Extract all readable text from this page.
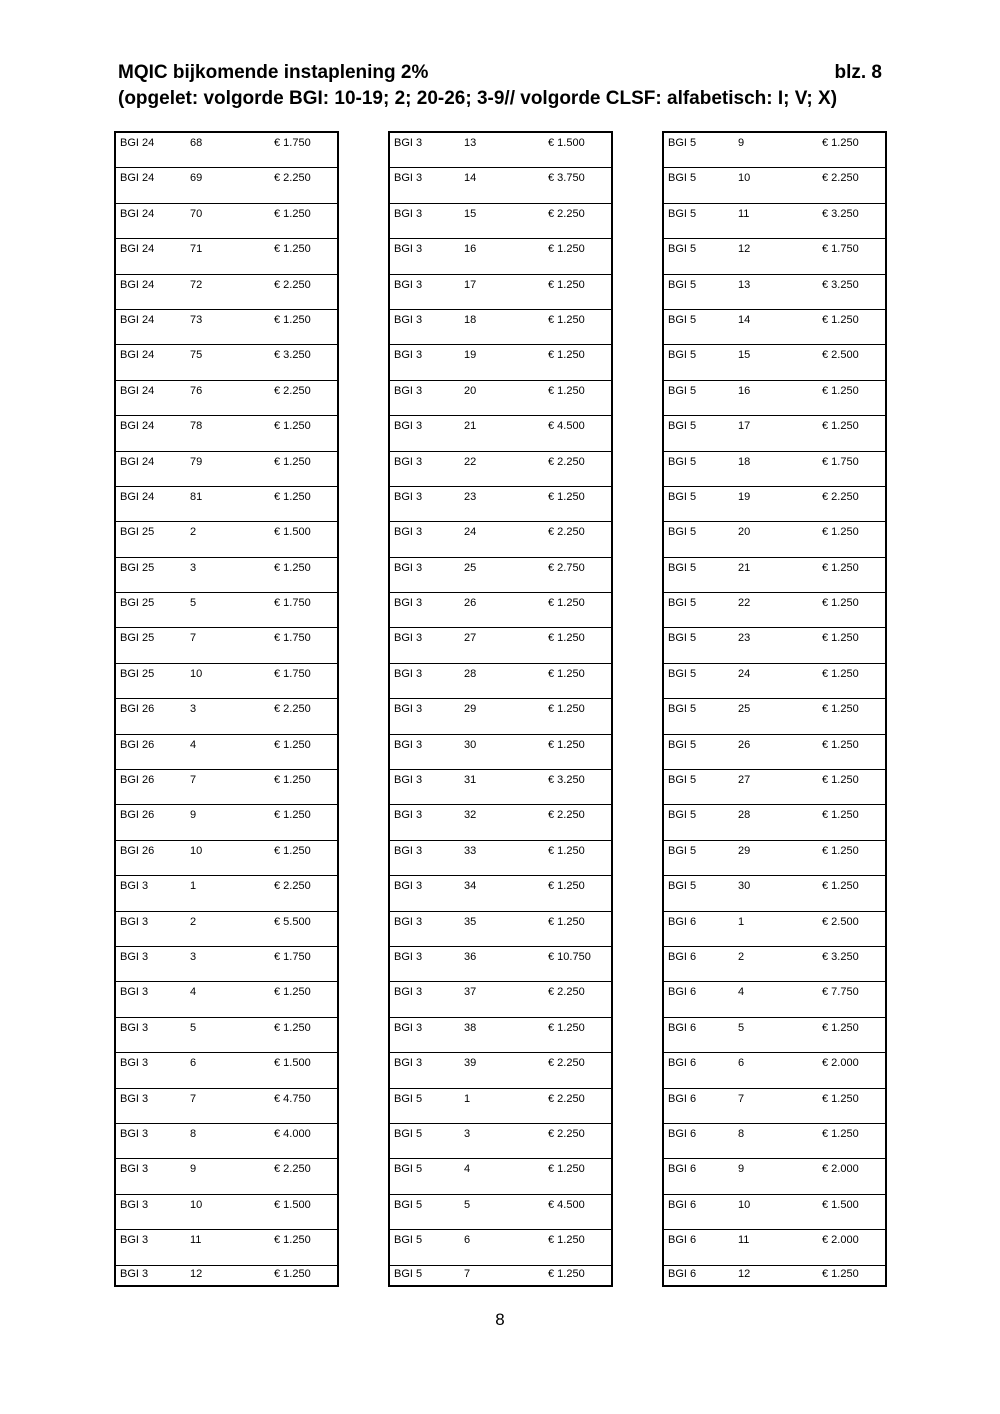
MQIC bijkomende instaplening 2%	blz. 8
(opgelet: volgorde BGI: 10-19; 2; 20-26; 3-9// volgorde CLSF: alfabetisch: I; V; X)
BGI 24	68	€ 1.750
BGI 24	69	€ 2.250
BGI 24	70	€ 1.250
BGI 24	71	€ 1.250
BGI 24	72	€ 2.250
BGI 24	73	€ 1.250
BGI 24	75	€ 3.250
BGI 24	76	€ 2.250
BGI 24	78	€ 1.250
BGI 24	79	€ 1.250
BGI 24	81	€ 1.250
BGI 25	2	€ 1.500
BGI 25	3	€ 1.250
BGI 25	5	€ 1.750
BGI 25	7	€ 1.750
BGI 25	10	€ 1.750
BGI 26	3	€ 2.250
BGI 26	4	€ 1.250
BGI 26	7	€ 1.250
BGI 26	9	€ 1.250
BGI 26	10	€ 1.250
BGI 3	1	€ 2.250
BGI 3	2	€ 5.500
BGI 3	3	€ 1.750
BGI 3	4	€ 1.250
BGI 3	5	€ 1.250
BGI 3	6	€ 1.500
BGI 3	7	€ 4.750
BGI 3	8	€ 4.000
BGI 3	9	€ 2.250
BGI 3	10	€ 1.500
BGI 3	11	€ 1.250
BGI 3	12	€ 1.250
BGI 3	13	€ 1.500
BGI 3	14	€ 3.750
BGI 3	15	€ 2.250
BGI 3	16	€ 1.250
BGI 3	17	€ 1.250
BGI 3	18	€ 1.250
BGI 3	19	€ 1.250
BGI 3	20	€ 1.250
BGI 3	21	€ 4.500
BGI 3	22	€ 2.250
BGI 3	23	€ 1.250
BGI 3	24	€ 2.250
BGI 3	25	€ 2.750
BGI 3	26	€ 1.250
BGI 3	27	€ 1.250
BGI 3	28	€ 1.250
BGI 3	29	€ 1.250
BGI 3	30	€ 1.250
BGI 3	31	€ 3.250
BGI 3	32	€ 2.250
BGI 3	33	€ 1.250
BGI 3	34	€ 1.250
BGI 3	35	€ 1.250
BGI 3	36	€ 10.750
BGI 3	37	€ 2.250
BGI 3	38	€ 1.250
BGI 3	39	€ 2.250
BGI 5	1	€ 2.250
BGI 5	3	€ 2.250
BGI 5	4	€ 1.250
BGI 5	5	€ 4.500
BGI 5	6	€ 1.250
BGI 5	7	€ 1.250
BGI 5	9	€ 1.250
BGI 5	10	€ 2.250
BGI 5	11	€ 3.250
BGI 5	12	€ 1.750
BGI 5	13	€ 3.250
BGI 5	14	€ 1.250
BGI 5	15	€ 2.500
BGI 5	16	€ 1.250
BGI 5	17	€ 1.250
BGI 5	18	€ 1.750
BGI 5	19	€ 2.250
BGI 5	20	€ 1.250
BGI 5	21	€ 1.250
BGI 5	22	€ 1.250
BGI 5	23	€ 1.250
BGI 5	24	€ 1.250
BGI 5	25	€ 1.250
BGI 5	26	€ 1.250
BGI 5	27	€ 1.250
BGI 5	28	€ 1.250
BGI 5	29	€ 1.250
BGI 5	30	€ 1.250
BGI 6	1	€ 2.500
BGI 6	2	€ 3.250
BGI 6	4	€ 7.750
BGI 6	5	€ 1.250
BGI 6	6	€ 2.000
BGI 6	7	€ 1.250
BGI 6	8	€ 1.250
BGI 6	9	€ 2.000
BGI 6	10	€ 1.500
BGI 6	11	€ 2.000
BGI 6	12	€ 1.250
8
